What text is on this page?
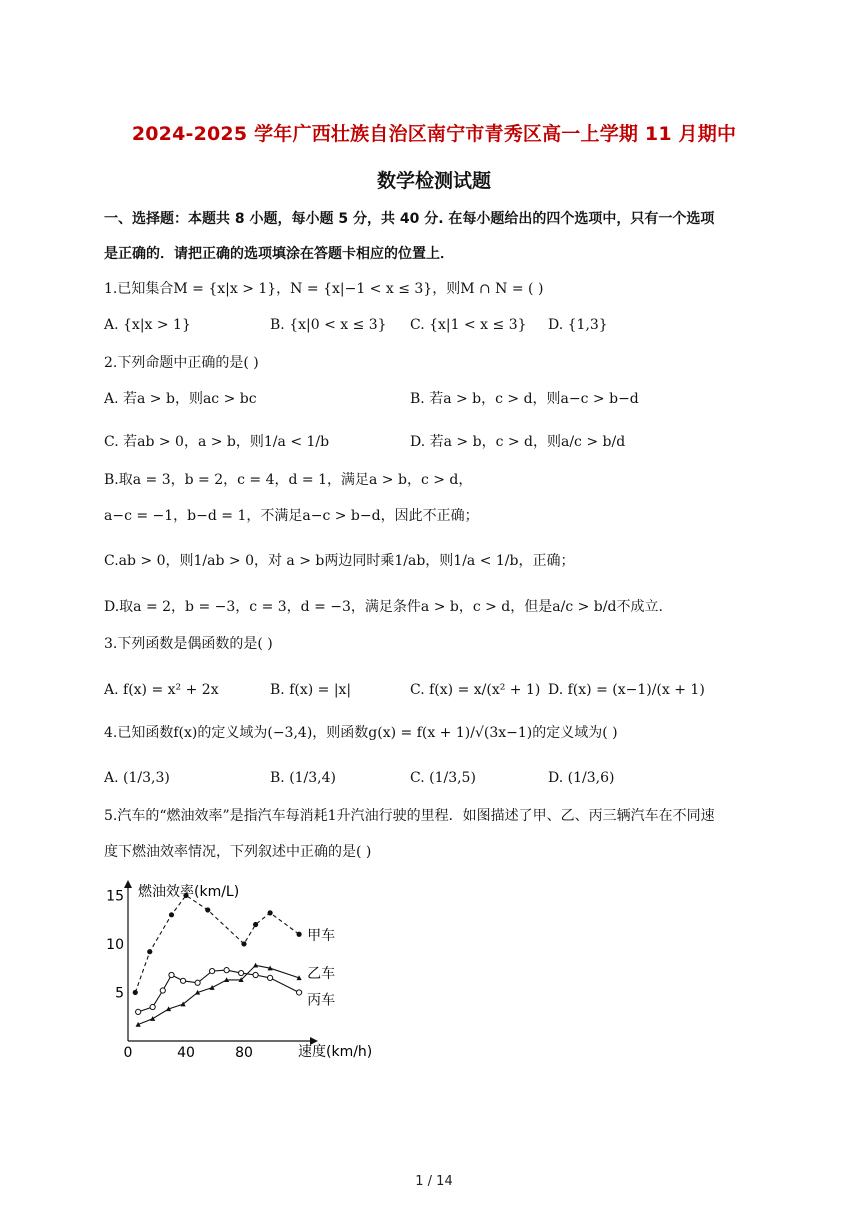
2024-2025 学年广西壮族自治区南宁市青秀区高一上学期 11 月期中
数学检测试题
一、选择题：本题共 8 小题，每小题 5 分，共 40 分. 在每小题给出的四个选项中，只有一个选项
是正确的．请把正确的选项填涂在答题卡相应的位置上．
1.已知集合M = {x|x > 1}，N = {x|−1 < x ≤ 3}，则M ∩ N = ( )
A. {x|x > 1}	B. {x|0 < x ≤ 3} C. {x|1 < x ≤ 3} D. {1,3}
2.下列命题中正确的是( )
A. 若a > b，则ac > bc	B. 若a > b，c > d，则a−c > b−d
C. 若ab > 0，a > b，则1/a < 1/b	D. 若a > b，c > d，则a/c > b/d
B.取a = 3，b = 2，c = 4，d = 1，满足a > b，c > d，
a−c = −1，b−d = 1，不满足a−c > b−d，因此不正确；
C.ab > 0，则1/ab > 0，对 a > b两边同时乘1/ab，则1/a < 1/b，正确；
D.取a = 2，b = −3，c = 3，d = −3，满足条件a > b，c > d，但是a/c > b/d不成立.
3.下列函数是偶函数的是( )
A. f(x) = x² + 2x	B. f(x) = |x|	C. f(x) = x/(x² + 1) D. f(x) = (x−1)/(x + 1)
4.已知函数f(x)的定义域为(−3,4)，则函数g(x) = f(x + 1)/√(3x−1)的定义域为( )
A. (1/3,3)	B. (1/3,4)	C. (1/3,5)	D. (1/3,6)
5.汽车的“燃油效率”是指汽车每消耗1升汽油行驶的里程．如图描述了甲、乙、丙三辆汽车在不同速
度下燃油效率情况，下列叙述中正确的是( )
0	40	80
5
10
15
甲车
乙车
丙车
燃油效率(km/L)
速度(km/h)
1 / 14
